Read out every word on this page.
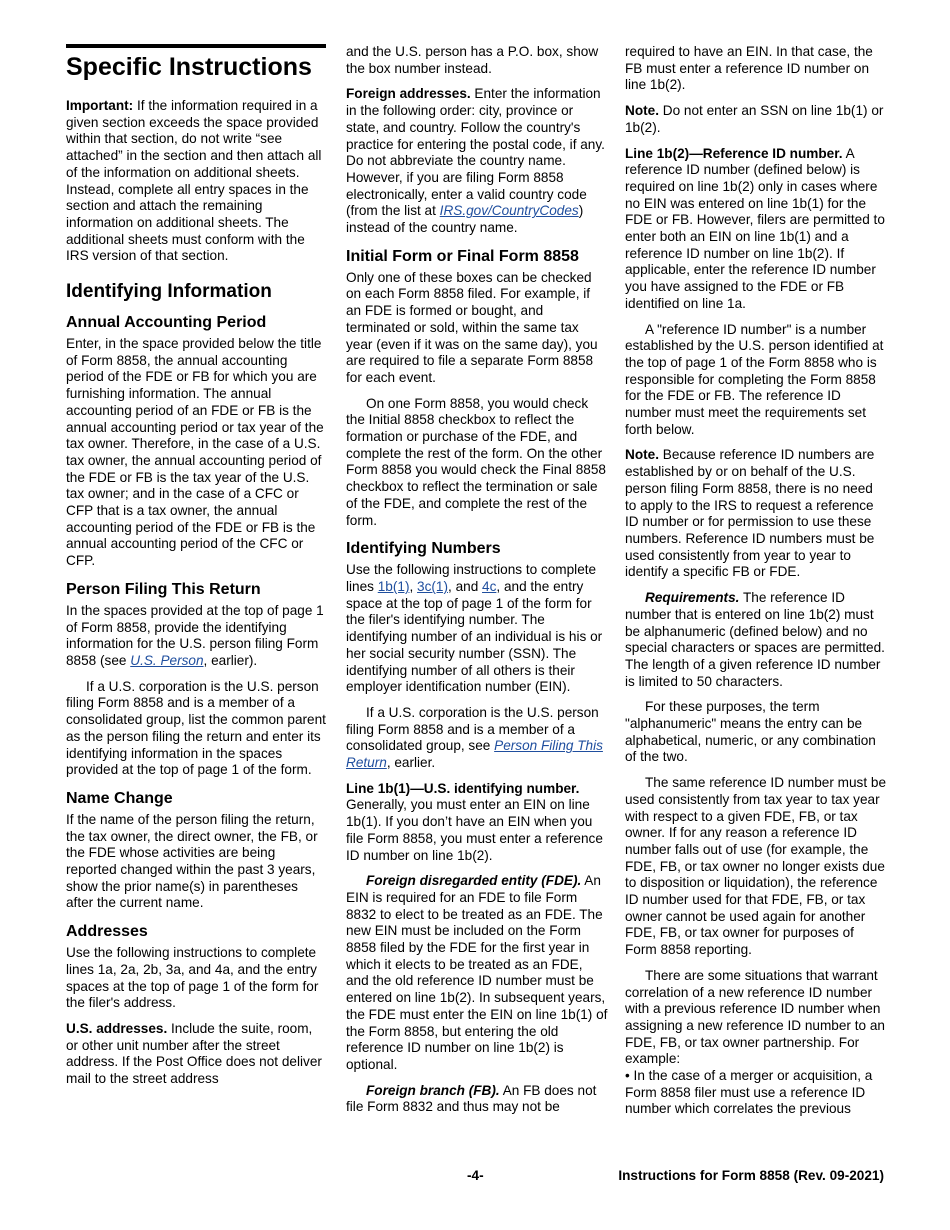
Specific Instructions

Important: If the information required in a given section exceeds the space provided within that section, do not write “see attached” in the section and then attach all of the information on additional sheets. Instead, complete all entry spaces in the section and attach the remaining information on additional sheets. The additional sheets must conform with the IRS version of that section.

Identifying Information
Annual Accounting Period

Enter, in the space provided below the title of Form 8858, the annual accounting period of the FDE or FB for which you are furnishing information. The annual accounting period of an FDE or FB is the annual accounting period or tax year of the tax owner. Therefore, in the case of a U.S. tax owner, the annual accounting period of the FDE or FB is the tax year of the U.S. tax owner; and in the case of a CFC or CFP that is a tax owner, the annual accounting period of the FDE or FB is the annual accounting period of the CFC or CFP.

Person Filing This Return

In the spaces provided at the top of page 1 of Form 8858, provide the identifying information for the U.S. person filing Form 8858 (see U.S. Person, earlier).

If a U.S. corporation is the U.S. person filing Form 8858 and is a member of a consolidated group, list the common parent as the person filing the return and enter its identifying information in the spaces provided at the top of page 1 of the form.

Name Change

If the name of the person filing the return, the tax owner, the direct owner, the FB, or the FDE whose activities are being reported changed within the past 3 years, show the prior name(s) in parentheses after the current name.

Addresses

Use the following instructions to complete lines 1a, 2a, 2b, 3a, and 4a, and the entry spaces at the top of page 1 of the form for the filer's address.

U.S. addresses. Include the suite, room, or other unit number after the street address. If the Post Office does not deliver mail to the street address

and the U.S. person has a P.O. box, show the box number instead.

Foreign addresses. Enter the information in the following order: city, province or state, and country. Follow the country's practice for entering the postal code, if any. Do not abbreviate the country name. However, if you are filing Form 8858 electronically, enter a valid country code (from the list at IRS.gov/CountryCodes) instead of the country name.

Initial Form or Final Form 8858

Only one of these boxes can be checked on each Form 8858 filed. For example, if an FDE is formed or bought, and terminated or sold, within the same tax year (even if it was on the same day), you are required to file a separate Form 8858 for each event.

On one Form 8858, you would check the Initial 8858 checkbox to reflect the formation or purchase of the FDE, and complete the rest of the form. On the other Form 8858 you would check the Final 8858 checkbox to reflect the termination or sale of the FDE, and complete the rest of the form.

Identifying Numbers

Use the following instructions to complete lines 1b(1), 3c(1), and 4c, and the entry space at the top of page 1 of the form for the filer's identifying number. The identifying number of an individual is his or her social security number (SSN). The identifying number of all others is their employer identification number (EIN).

If a U.S. corporation is the U.S. person filing Form 8858 and is a member of a consolidated group, see Person Filing This Return, earlier.

Line 1b(1)—U.S. identifying number. Generally, you must enter an EIN on line 1b(1). If you don’t have an EIN when you file Form 8858, you must enter a reference ID number on line 1b(2).

Foreign disregarded entity (FDE). An EIN is required for an FDE to file Form 8832 to elect to be treated as an FDE. The new EIN must be included on the Form 8858 filed by the FDE for the first year in which it elects to be treated as an FDE, and the old reference ID number must be entered on line 1b(2). In subsequent years, the FDE must enter the EIN on line 1b(1) of the Form 8858, but entering the old reference ID number on line 1b(2) is optional.

Foreign branch (FB). An FB does not file Form 8832 and thus may not be

required to have an EIN. In that case, the FB must enter a reference ID number on line 1b(2).

Note. Do not enter an SSN on line 1b(1) or 1b(2).

Line 1b(2)—Reference ID number. A reference ID number (defined below) is required on line 1b(2) only in cases where no EIN was entered on line 1b(1) for the FDE or FB. However, filers are permitted to enter both an EIN on line 1b(1) and a reference ID number on line 1b(2). If applicable, enter the reference ID number you have assigned to the FDE or FB identified on line 1a.

A "reference ID number" is a number established by the U.S. person identified at the top of page 1 of the Form 8858 who is responsible for completing the Form 8858 for the FDE or FB. The reference ID number must meet the requirements set forth below.

Note. Because reference ID numbers are established by or on behalf of the U.S. person filing Form 8858, there is no need to apply to the IRS to request a reference ID number or for permission to use these numbers. Reference ID numbers must be used consistently from year to year to identify a specific FB or FDE.

Requirements. The reference ID number that is entered on line 1b(2) must be alphanumeric (defined below) and no special characters or spaces are permitted. The length of a given reference ID number is limited to 50 characters.

For these purposes, the term "alphanumeric" means the entry can be alphabetical, numeric, or any combination of the two.

The same reference ID number must be used consistently from tax year to tax year with respect to a given FDE, FB, or tax owner. If for any reason a reference ID number falls out of use (for example, the FDE, FB, or tax owner no longer exists due to disposition or liquidation), the reference ID number used for that FDE, FB, or tax owner cannot be used again for another FDE, FB, or tax owner for purposes of Form 8858 reporting.

There are some situations that warrant correlation of a new reference ID number with a previous reference ID number when assigning a new reference ID number to an FDE, FB, or tax owner partnership. For example:

• In the case of a merger or acquisition, a Form 8858 filer must use a reference ID number which correlates the previous

-4-	Instructions for Form 8858 (Rev. 09-2021)
